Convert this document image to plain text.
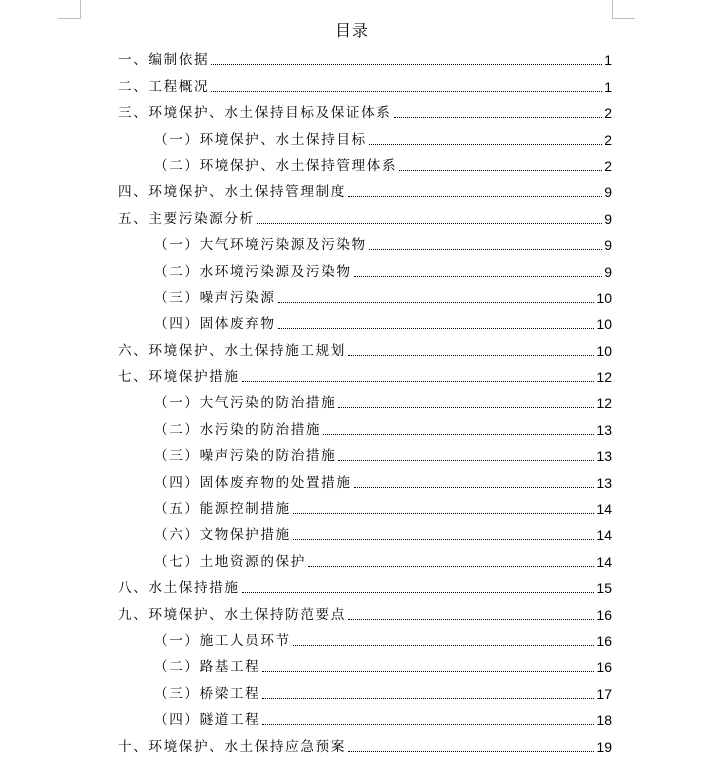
目录
一、编制依据	1
二、工程概况	1
三、环境保护、水土保持目标及保证体系	2
（一）环境保护、水土保持目标	2
（二）环境保护、水土保持管理体系	2
四、环境保护、水土保持管理制度	9
五、主要污染源分析	9
（一）大气环境污染源及污染物	9
（二）水环境污染源及污染物	9
（三）噪声污染源	10
（四）固体废弃物	10
六、环境保护、水土保持施工规划	10
七、环境保护措施	12
（一）大气污染的防治措施	12
（二）水污染的防治措施	13
（三）噪声污染的防治措施	13
（四）固体废弃物的处置措施	13
（五）能源控制措施	14
（六）文物保护措施	14
（七）土地资源的保护	14
八、水土保持措施	15
九、环境保护、水土保持防范要点	16
（一）施工人员环节	16
（二）路基工程	16
（三）桥梁工程	17
（四）隧道工程	18
十、环境保护、水土保持应急预案	19
